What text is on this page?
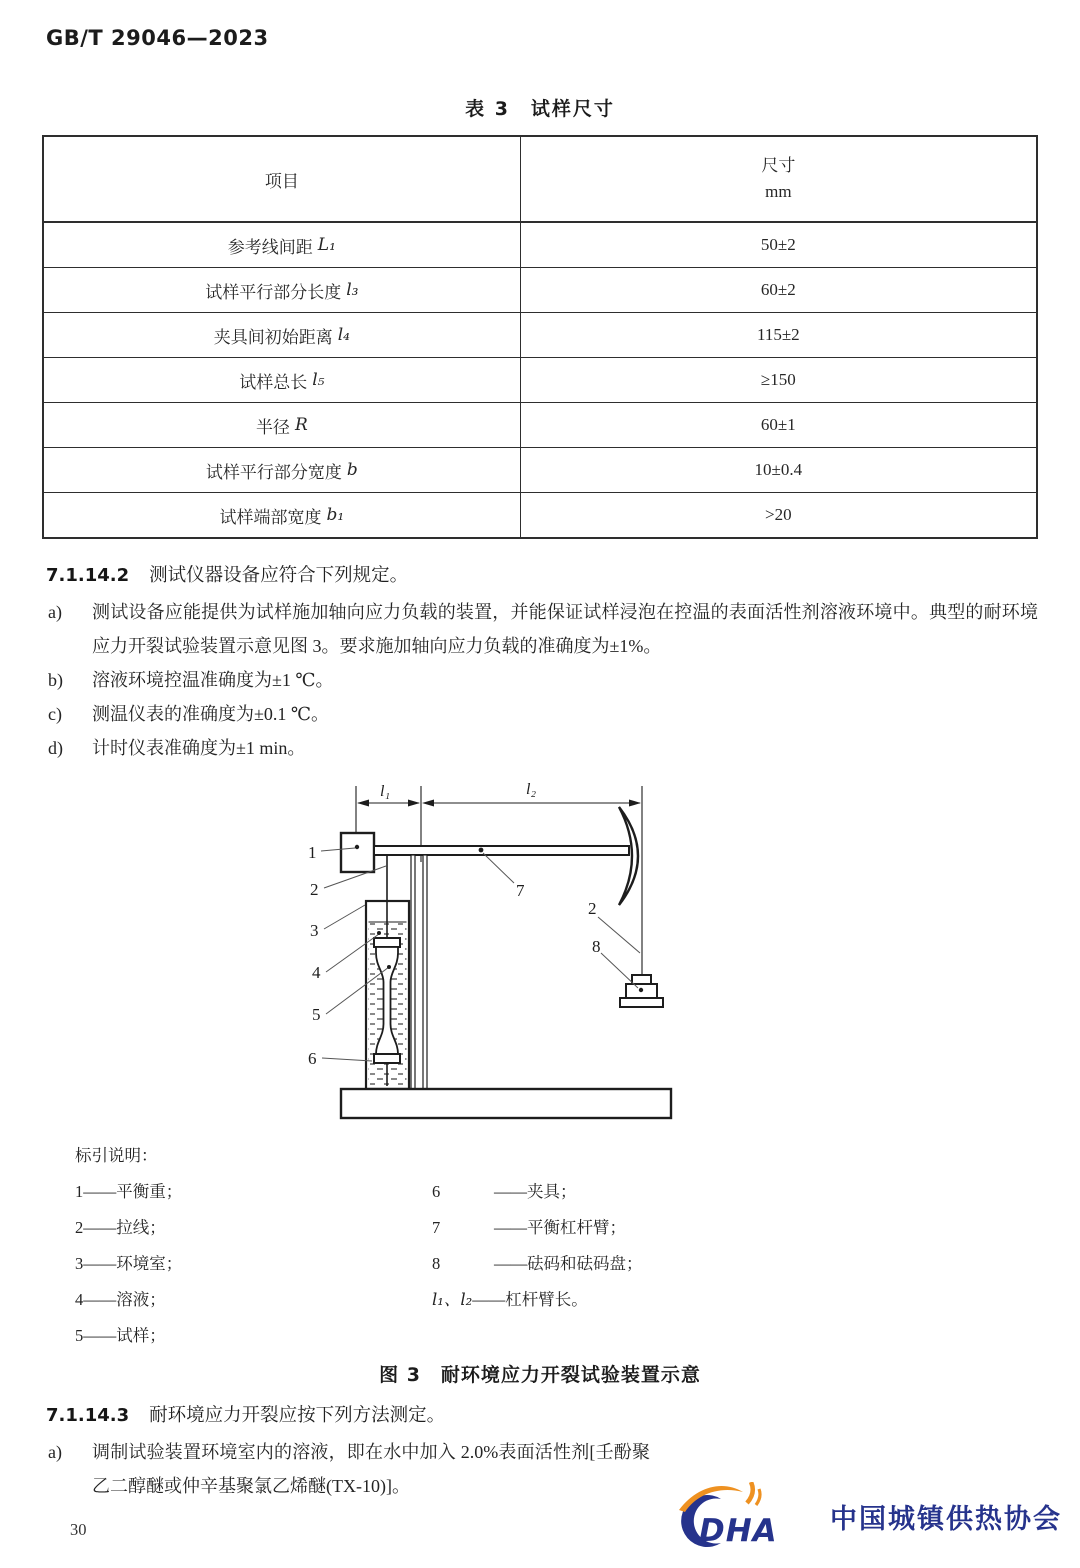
GB/T 29046—2023
表 3　试样尺寸
项目
尺寸
mm
参考线间距 L₁	50±2
试样平行部分长度 l₃	60±2
夹具间初始距离 l₄	115±2
试样总长 l₅	≥150
半径 R	60±1
试样平行部分宽度 b	10±0.4
试样端部宽度 b₁	>20
7.1.14.2 测试仪器设备应符合下列规定。
a)	测试设备应能提供为试样施加轴向应力负载的装置，并能保证试样浸泡在控温的表面活性剂溶液环境中。典型的耐环境应力开裂试验装置示意见图 3。要求施加轴向应力负载的准确度为±1%。
b)	溶液环境控温准确度为±1 ℃。
c)	测温仪表的准确度为±0.1 ℃。
d)	计时仪表准确度为±1 min。
l₁	l₂
1
2
3
4
5
6
7
2
8
标引说明：
1 ——平衡重；
2 ——拉线；
3 ——环境室；
4 ——溶液；
5 ——试样；
6	——夹具；
7	——平衡杠杆臂；
8	——砝码和砝码盘；
l₁、l₂ ——杠杆臂长。
图 3　耐环境应力开裂试验装置示意
7.1.14.3 耐环境应力开裂应按下列方法测定。
a)	调制试验装置环境室内的溶液，即在水中加入 2.0%表面活性剂[壬酚聚乙二醇醚或仲辛基聚氯乙烯醚(TX-10)]。
30	DHA 中国城镇供热协会
